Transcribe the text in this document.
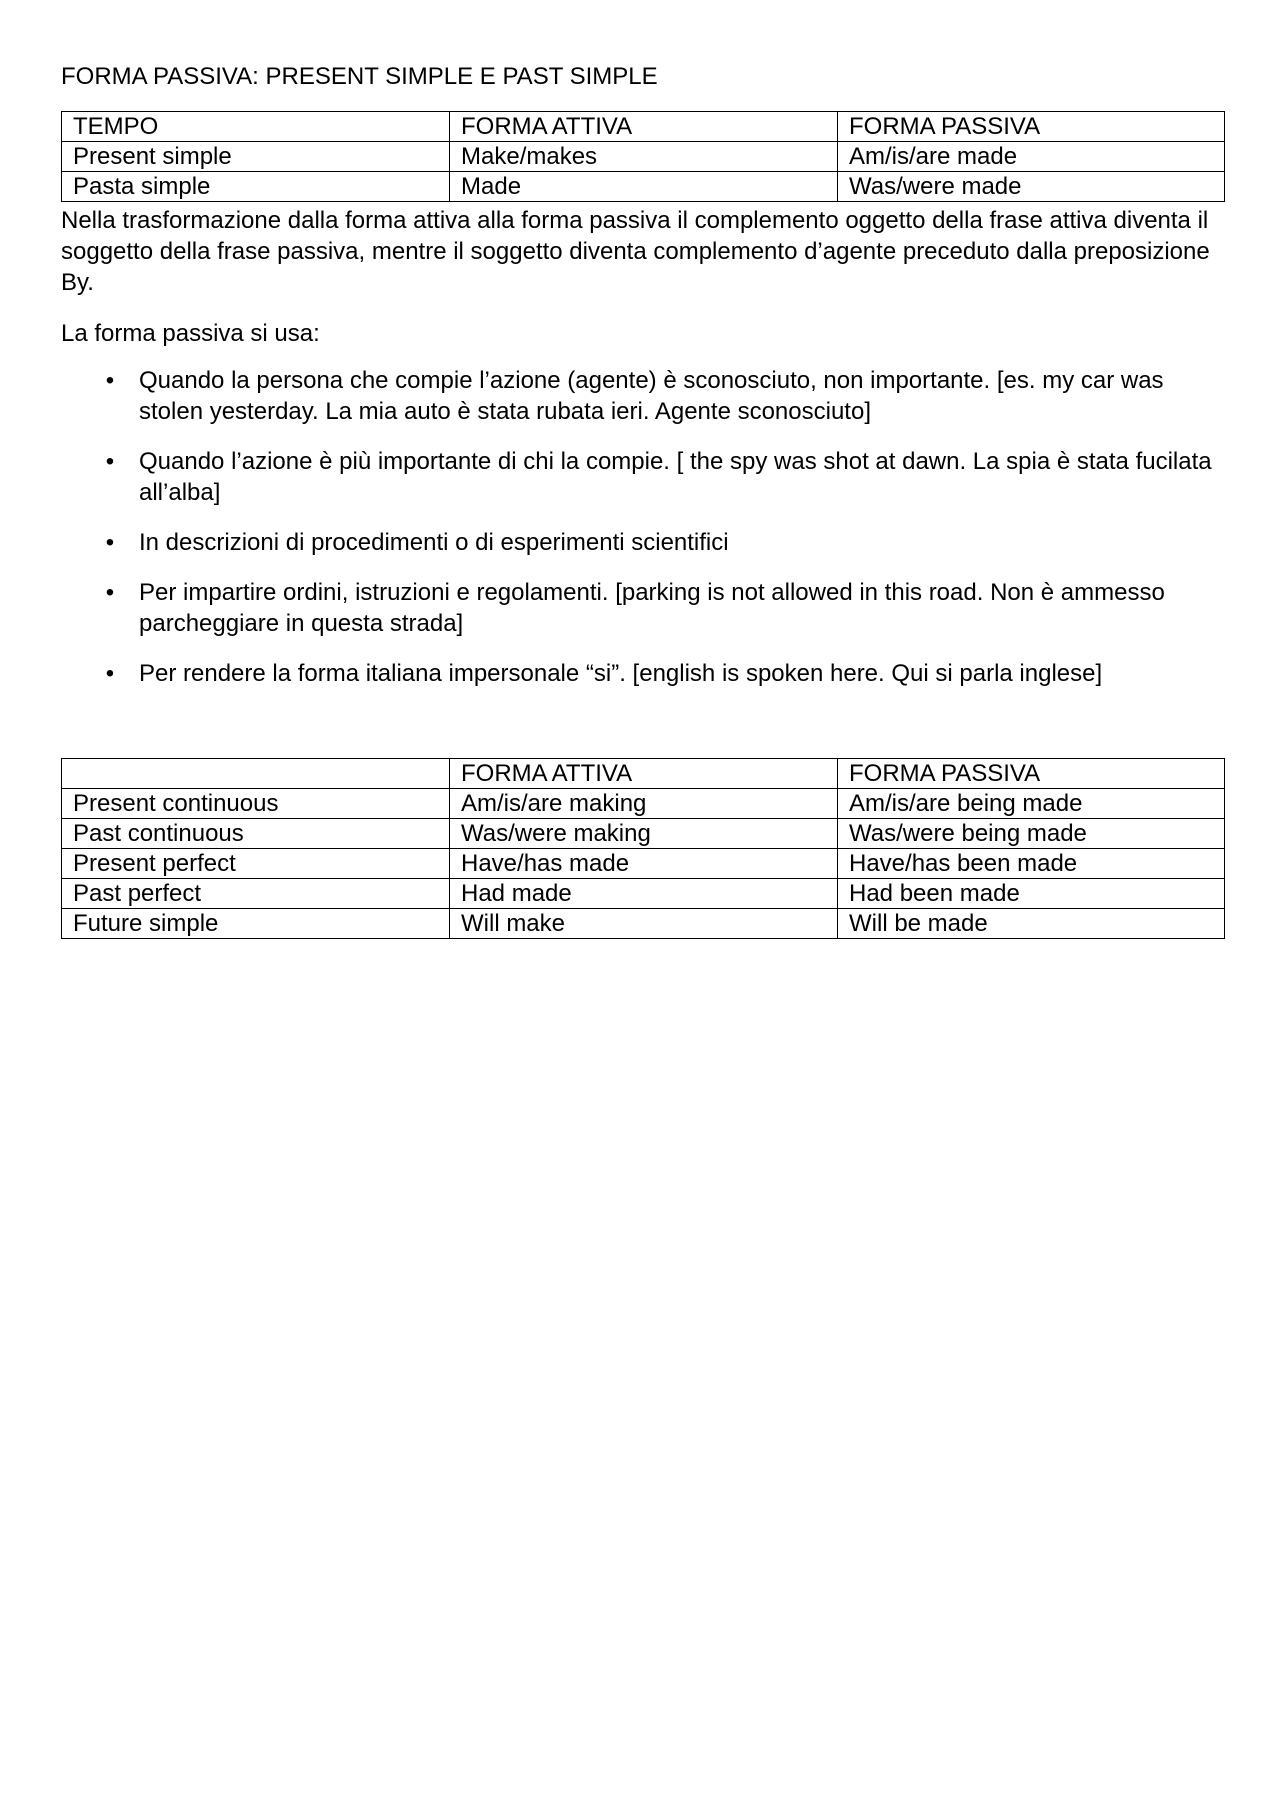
FORMA PASSIVA: PRESENT SIMPLE E PAST SIMPLE
TEMPO	FORMA ATTIVA	FORMA PASSIVA
Present simple	Make/makes	Am/is/are made
Pasta simple	Made	Was/were made

Nella trasformazione dalla forma attiva alla forma passiva il complemento oggetto della frase attiva diventa il soggetto della frase passiva, mentre il soggetto diventa complemento d’agente preceduto dalla preposizione By.

La forma passiva si usa:

• Quando la persona che compie l’azione (agente) è sconosciuto, non importante. [es. my car was stolen yesterday. La mia auto è stata rubata ieri. Agente sconosciuto]
• Quando l’azione è più importante di chi la compie. [ the spy was shot at dawn. La spia è stata fucilata all’alba]
• In descrizioni di procedimenti o di esperimenti scientifici
• Per impartire ordini, istruzioni e regolamenti. [parking is not allowed in this road. Non è ammesso parcheggiare in questa strada]
• Per rendere la forma italiana impersonale “si”. [english is spoken here. Qui si parla inglese]
	FORMA ATTIVA	FORMA PASSIVA
Present continuous	Am/is/are making	Am/is/are being made
Past continuous	Was/were making	Was/were being made
Present perfect	Have/has made	Have/has been made
Past perfect	Had made	Had been made
Future simple	Will make	Will be made
